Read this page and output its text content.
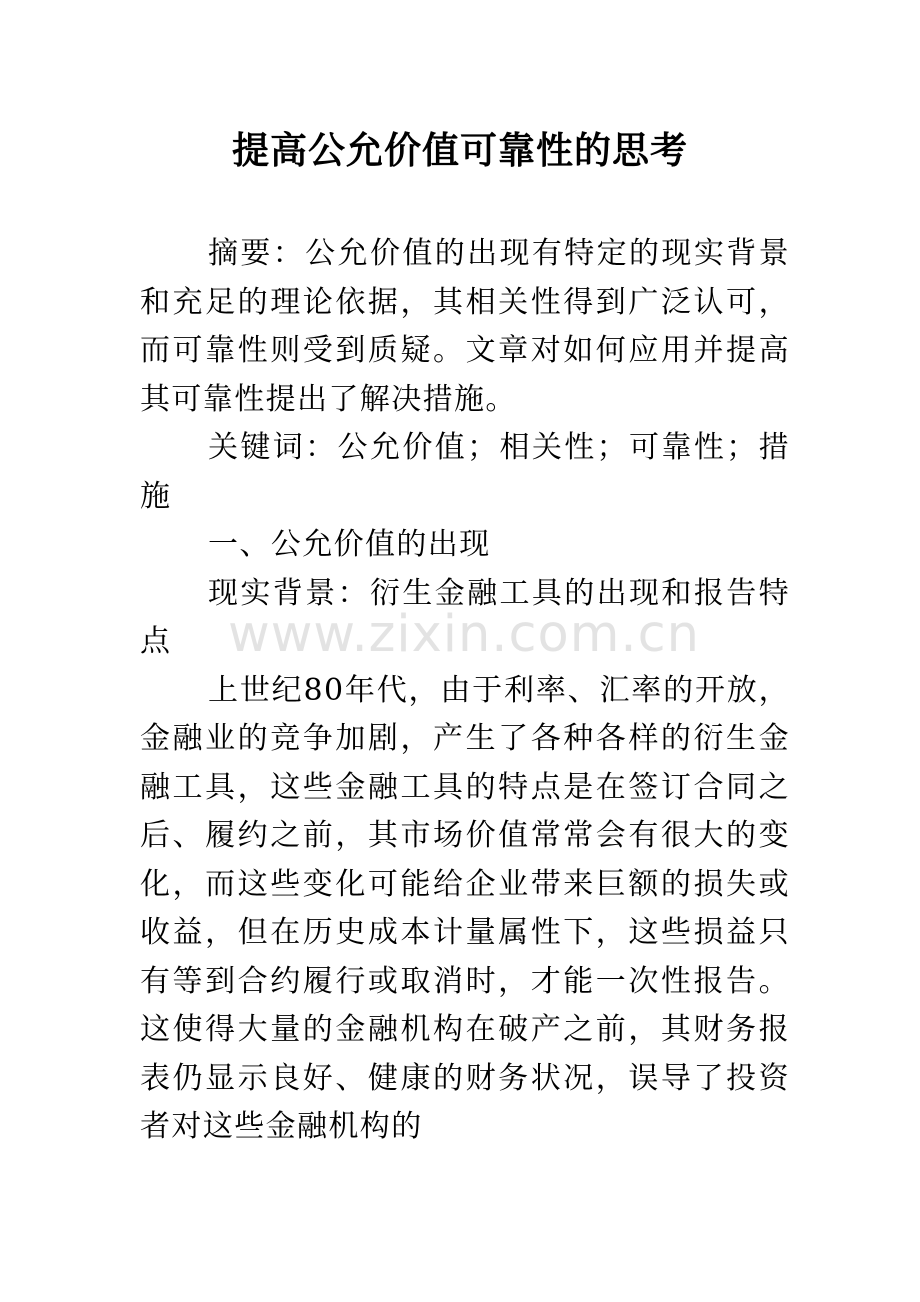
提高公允价值可靠性的思考

摘要：公允价值的出现有特定的现实背景和充足的理论依据，其相关性得到广泛认可，而可靠性则受到质疑。文章对如何应用并提高其可靠性提出了解决措施。

关键词：公允价值；相关性；可靠性；措施

一、公允价值的出现

现实背景：衍生金融工具的出现和报告特点

上世纪80年代，由于利率、汇率的开放，金融业的竞争加剧，产生了各种各样的衍生金融工具，这些金融工具的特点是在签订合同之后、履约之前，其市场价值常常会有很大的变化，而这些变化可能给企业带来巨额的损失或收益，但在历史成本计量属性下，这些损益只有等到合约履行或取消时，才能一次性报告。这使得大量的金融机构在破产之前，其财务报表仍显示良好、健康的财务状况，误导了投资者对这些金融机构的

www.zixin.com.cn
